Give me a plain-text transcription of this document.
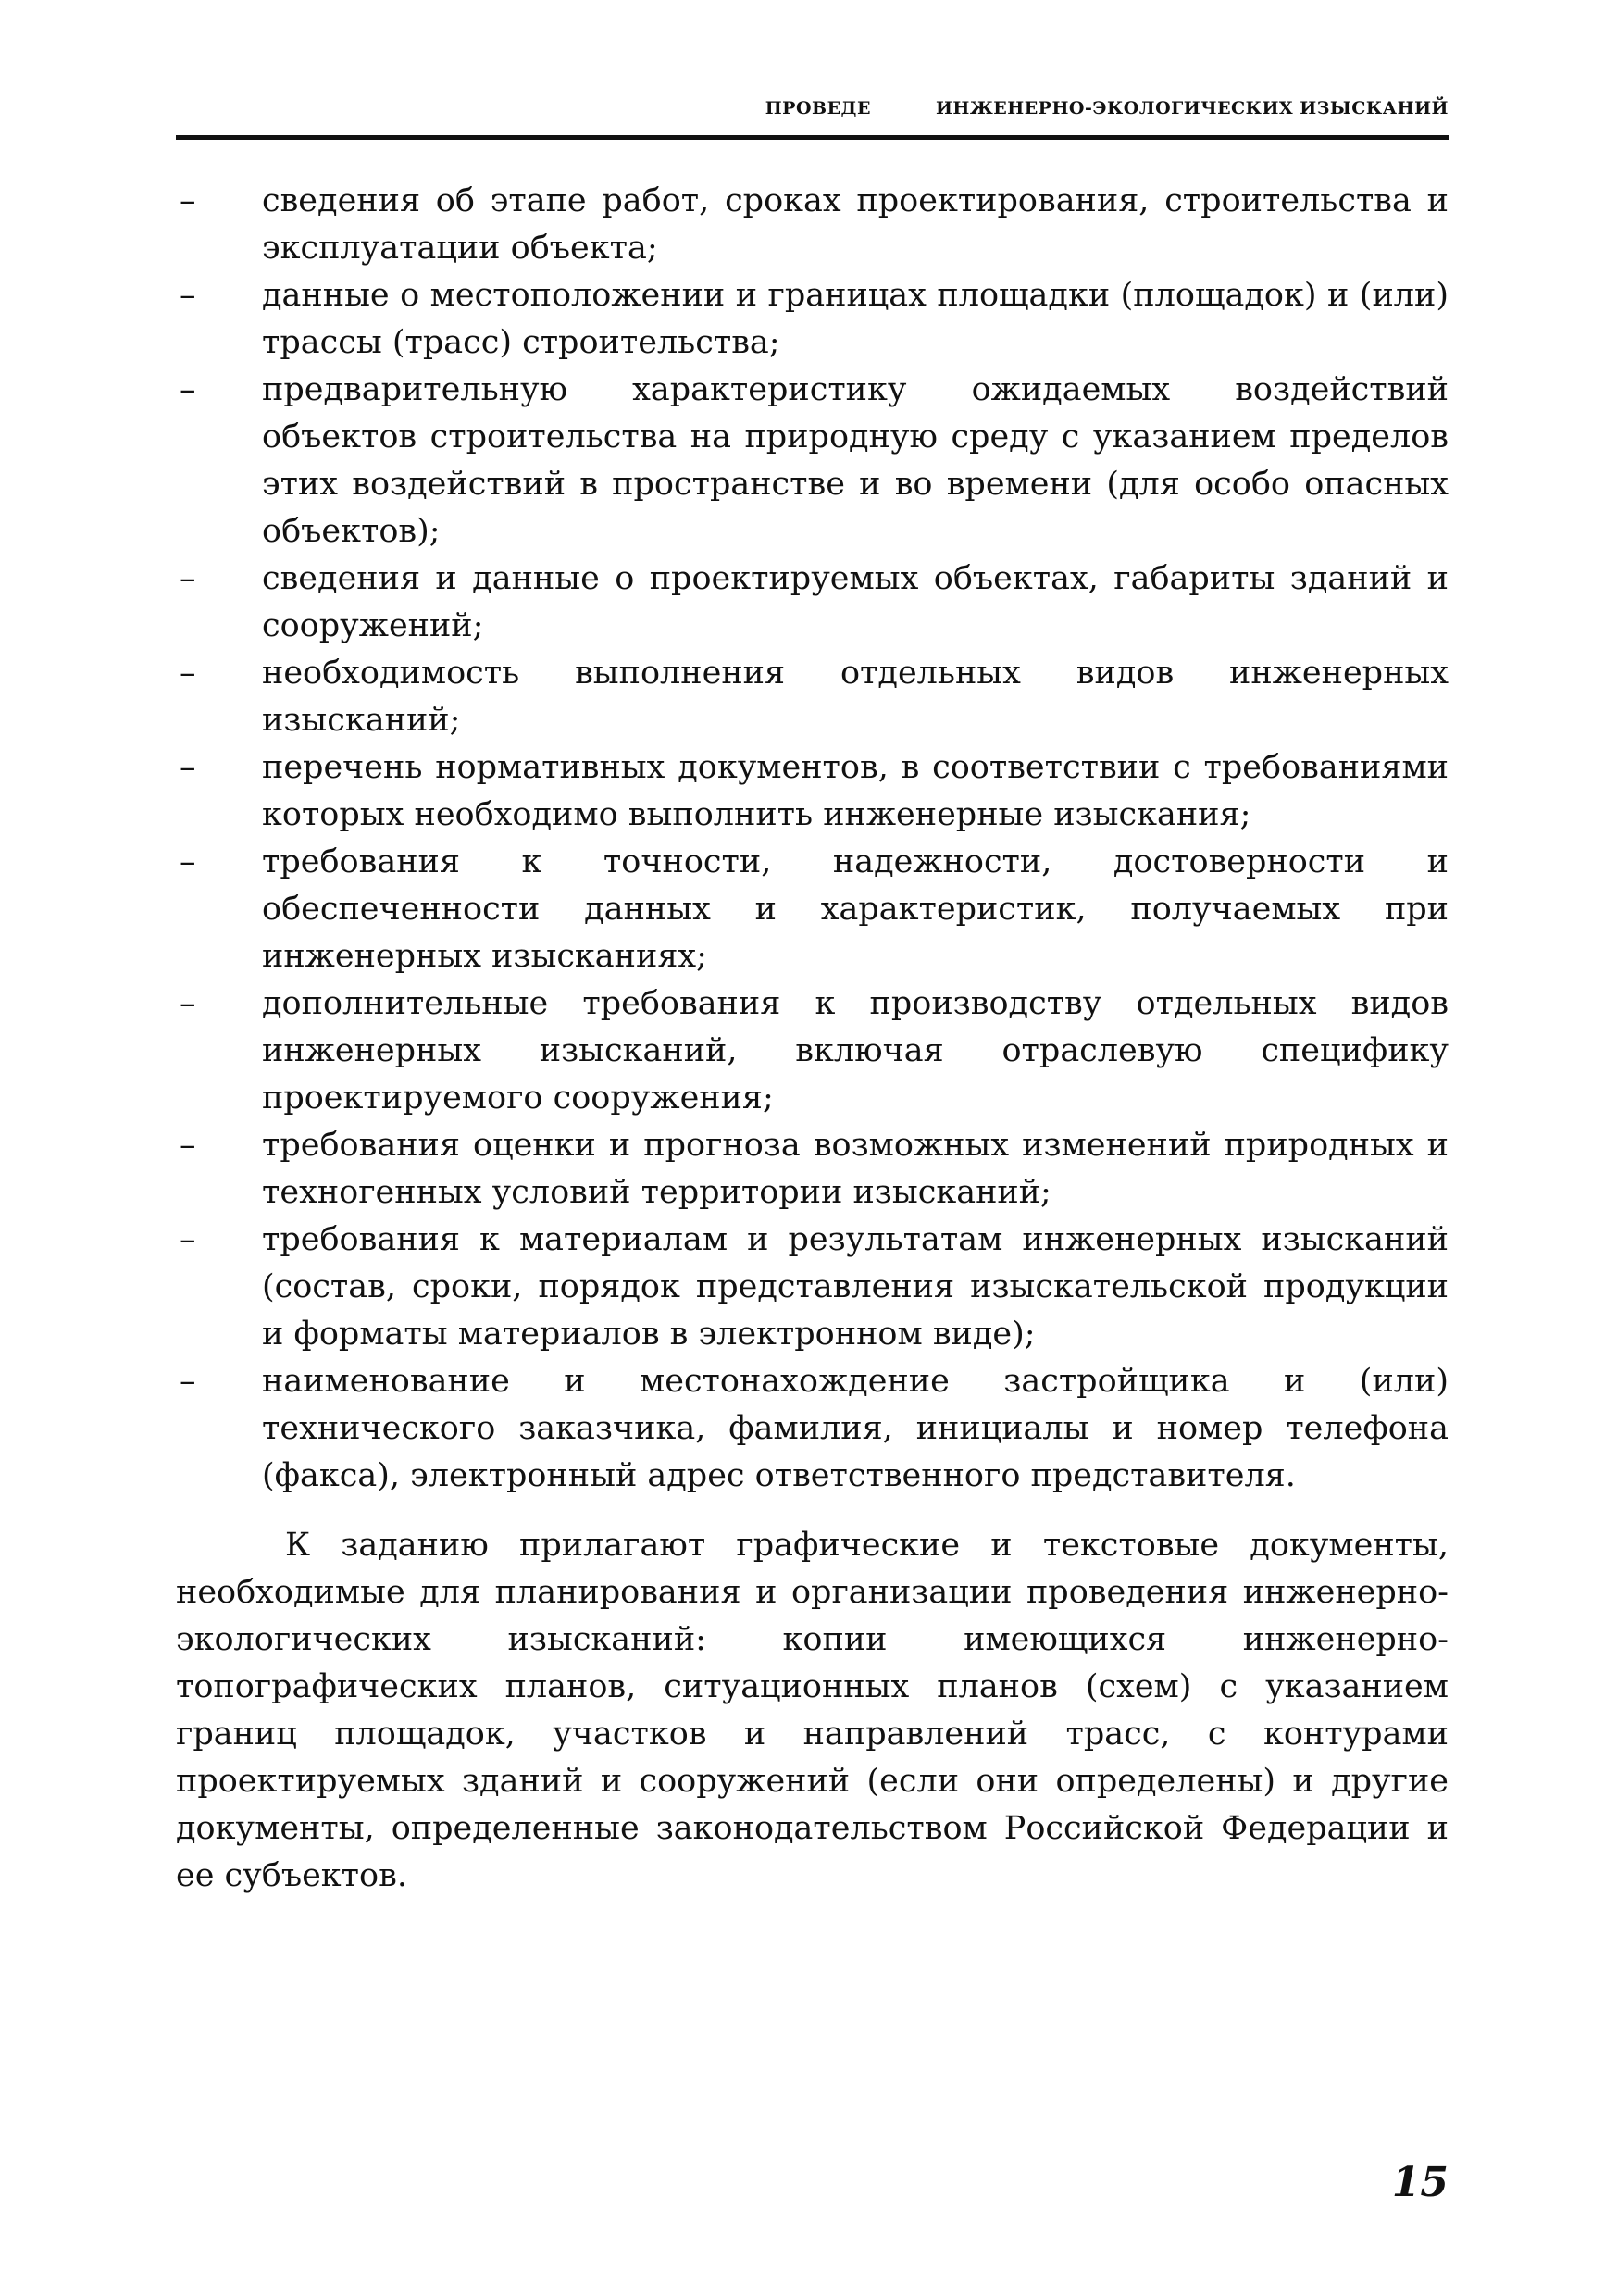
ПРОВЕДЕ	ИНЖЕНЕРНО-ЭКОЛОГИЧЕСКИХ ИЗЫСКАНИЙ
– сведения об этапе работ, сроках проектирования, строительства и эксплуатации объекта;
– данные о местоположении и границах площадки (площадок) и (или) трассы (трасс) строительства;
– предварительную характеристику ожидаемых воздействий объектов строительства на природную среду с указанием пределов этих воздействий в пространстве и во времени (для особо опасных объектов);
– сведения и данные о проектируемых объектах, габариты зданий и сооружений;
– необходимость выполнения отдельных видов инженерных изысканий;
– перечень нормативных документов, в соответствии с требованиями которых необходимо выполнить инженерные изыскания;
– требования к точности, надежности, достоверности и обеспеченности данных и характеристик, получаемых при инженерных изысканиях;
– дополнительные требования к производству отдельных видов инженерных изысканий, включая отраслевую специфику проектируемого сооружения;
– требования оценки и прогноза возможных изменений природных и техногенных условий территории изысканий;
– требования к материалам и результатам инженерных изысканий (состав, сроки, порядок представления изыскательской продукции и форматы материалов в электронном виде);
– наименование и местонахождение застройщика и (или) технического заказчика, фамилия, инициалы и номер телефона (факса), электронный адрес ответственного представителя.

К заданию прилагают графические и текстовые документы, необходимые для планирования и организации проведения инженерно-экологических изысканий: копии имеющихся инженерно-топографических планов, ситуационных планов (схем) с указанием границ площадок, участков и направлений трасс, с контурами проектируемых зданий и сооружений (если они определены) и другие документы, определенные законодательством Российской Федерации и ее субъектов.

15
